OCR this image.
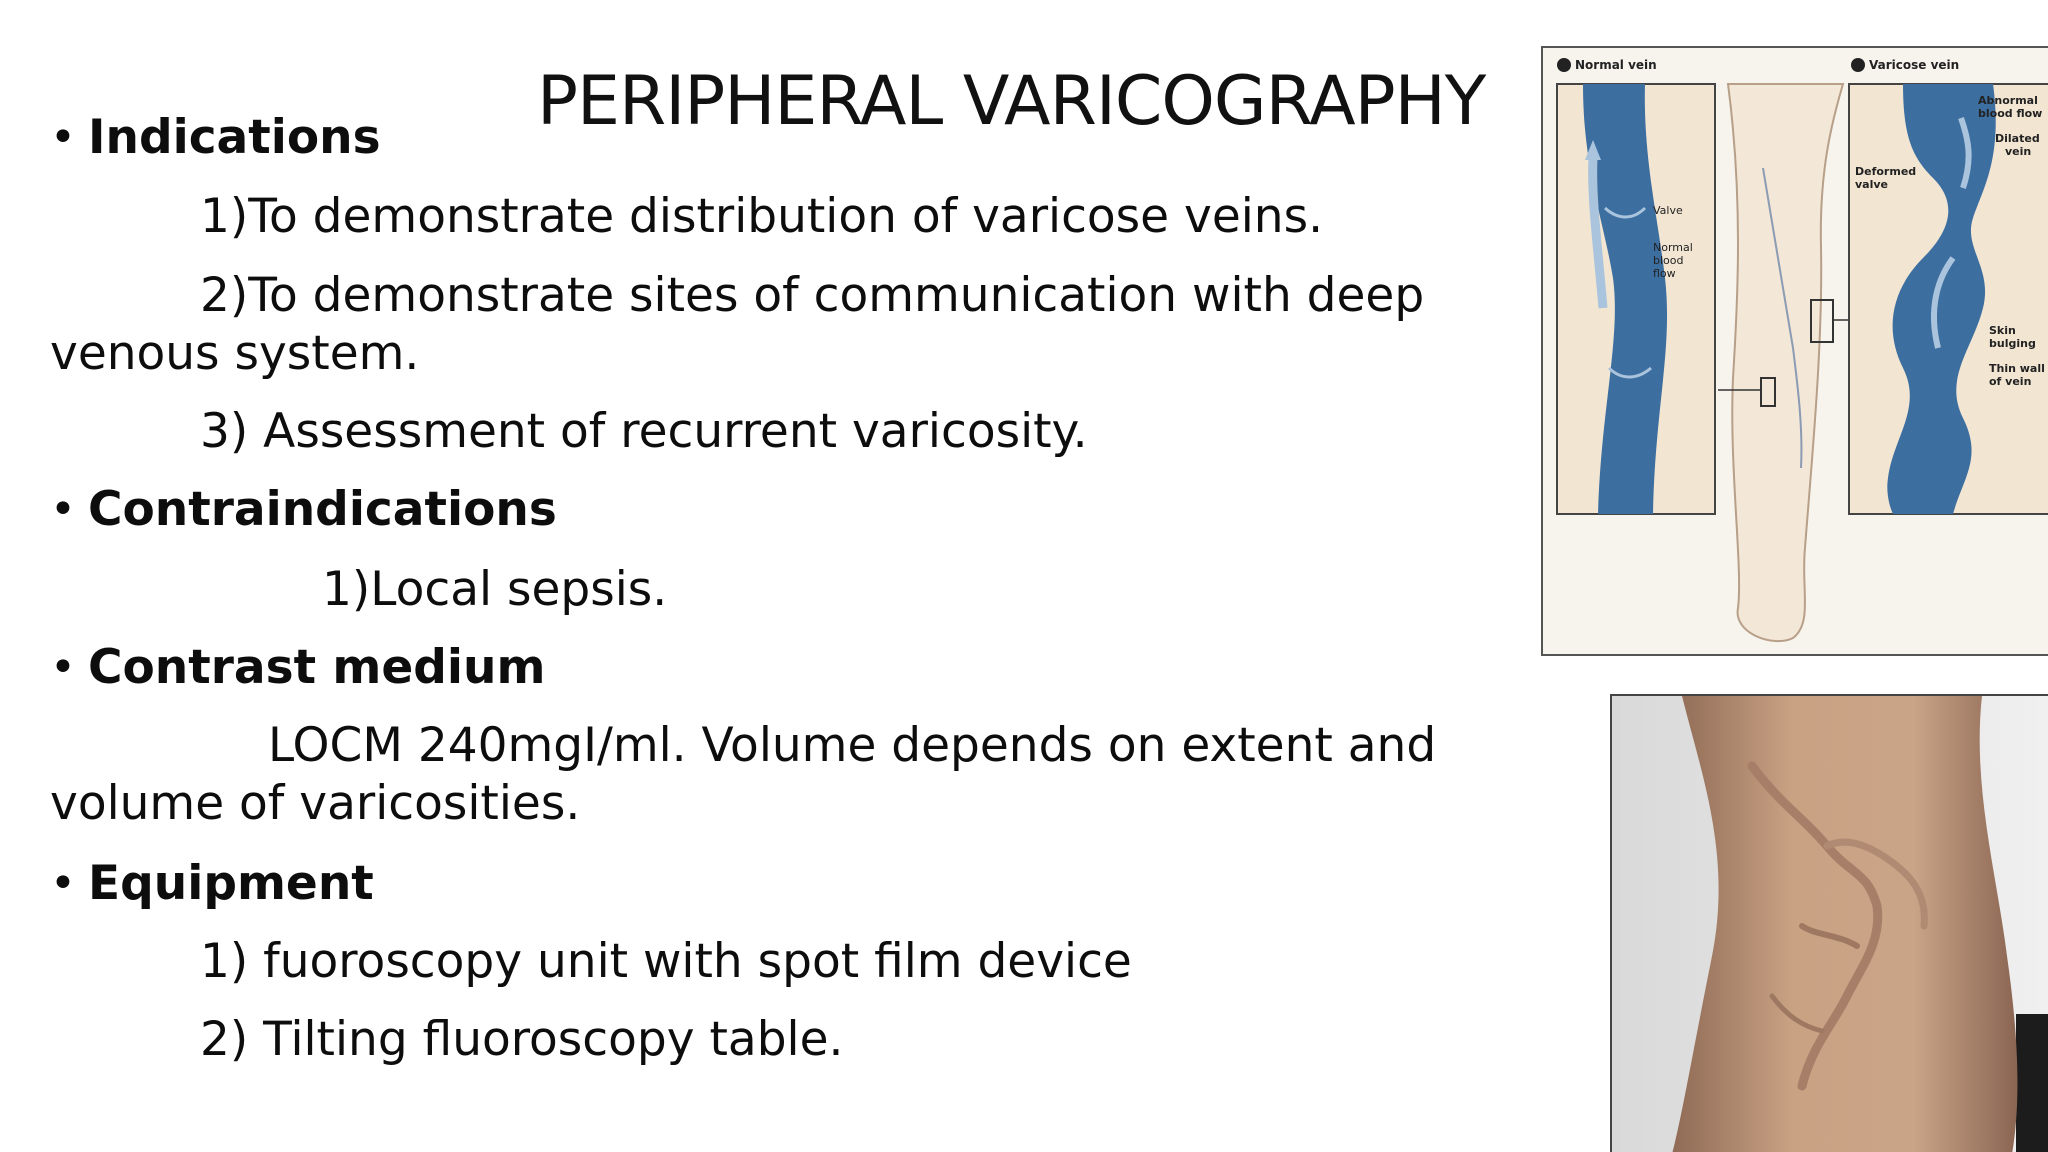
PERIPHERAL VARICOGRAPHY
• Indications
1)To demonstrate distribution of varicose veins.
2)To demonstrate sites of communication with deep
venous system.
3) Assessment of recurrent varicosity.
• Contraindications
1)Local sepsis.
• Contrast medium
LOCM 240mgI/ml. Volume depends on extent and
volume of varicosities.
• Equipment
1) fuoroscopy unit with spot film device
2) Tilting fluoroscopy table.
A Normal vein	B Varicose vein
Valve
Normal
blood
flow
Deformed
valve
Abnormal
blood flow
Dilated
vein
Skin
bulging
Thin wall
of vein
